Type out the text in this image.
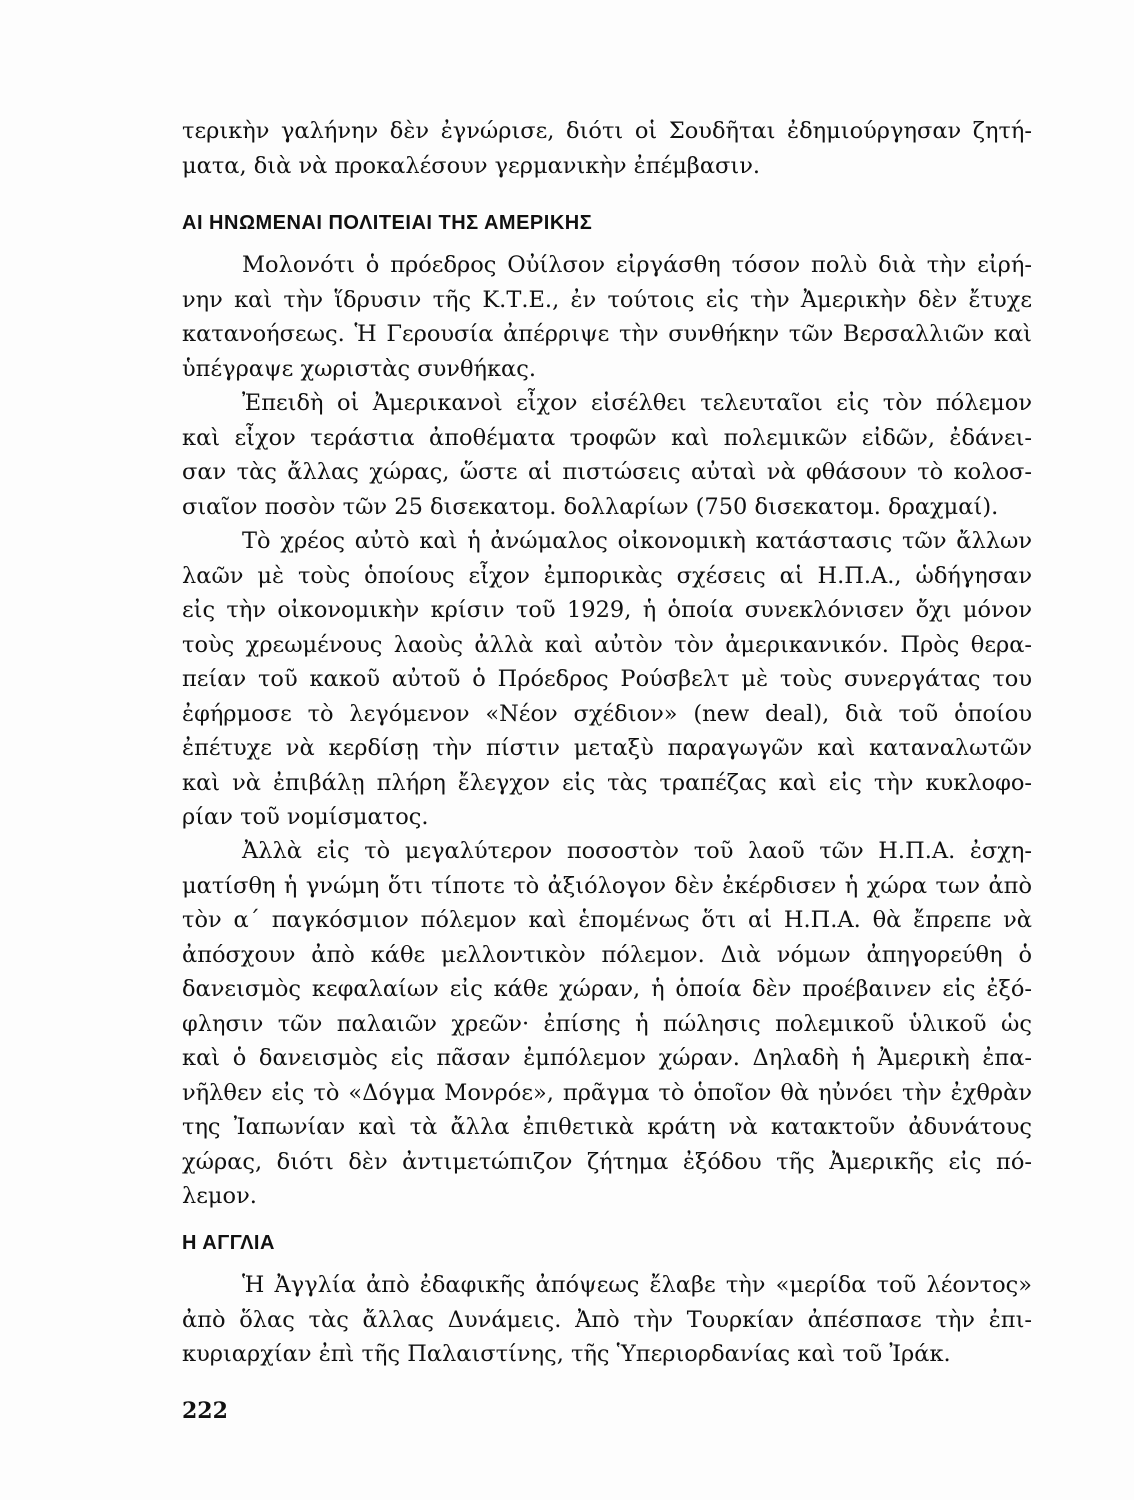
τερικὴν γαλήνην δὲν ἐγνώρισε, διότι οἱ Σουδῆται ἐδημιούργησαν ζητή-
ματα, διὰ νὰ προκαλέσουν γερμανικὴν ἐπέμβασιν.
ΑΙ ΗΝΩΜΕΝΑΙ ΠΟΛΙΤΕΙΑΙ ΤΗΣ ΑΜΕΡΙΚΗΣ
Μολονότι ὁ πρόεδρος Οὐίλσον εἰργάσθη τόσον πολὺ διὰ τὴν εἰρή-
νην καὶ τὴν ἵδρυσιν τῆς Κ.Τ.Ε., ἐν τούτοις εἰς τὴν Ἀμερικὴν δὲν ἔτυχε
κατανοήσεως. Ἡ Γερουσία ἀπέρριψε τὴν συνθήκην τῶν Βερσαλλιῶν καὶ
ὑπέγραψε χωριστὰς συνθήκας.
Ἐπειδὴ οἱ Ἀμερικανοὶ εἶχον εἰσέλθει τελευταῖοι εἰς τὸν πόλεμον
καὶ εἶχον τεράστια ἀποθέματα τροφῶν καὶ πολεμικῶν εἰδῶν, ἐδάνει-
σαν τὰς ἄλλας χώρας, ὥστε αἱ πιστώσεις αὐταὶ νὰ φθάσουν τὸ κολοσ-
σιαῖον ποσὸν τῶν 25 δισεκατομ. δολλαρίων (750 δισεκατομ. δραχμαί).
Τὸ χρέος αὐτὸ καὶ ἡ ἀνώμαλος οἰκονομικὴ κατάστασις τῶν ἄλλων
λαῶν μὲ τοὺς ὁποίους εἶχον ἐμπορικὰς σχέσεις αἱ Η.Π.Α., ὡδήγησαν
εἰς τὴν οἰκονομικὴν κρίσιν τοῦ 1929, ἡ ὁποία συνεκλόνισεν ὄχι μόνον
τοὺς χρεωμένους λαοὺς ἀλλὰ καὶ αὐτὸν τὸν ἀμερικανικόν. Πρὸς θερα-
πείαν τοῦ κακοῦ αὐτοῦ ὁ Πρόεδρος Ρούσβελτ μὲ τοὺς συνεργάτας του
ἐφήρμοσε τὸ λεγόμενον «Νέον σχέδιον» (new deal), διὰ τοῦ ὁποίου
ἐπέτυχε νὰ κερδίσῃ τὴν πίστιν μεταξὺ παραγωγῶν καὶ καταναλωτῶν
καὶ νὰ ἐπιβάλῃ πλήρη ἔλεγχον εἰς τὰς τραπέζας καὶ εἰς τὴν κυκλοφο-
ρίαν τοῦ νομίσματος.
Ἀλλὰ εἰς τὸ μεγαλύτερον ποσοστὸν τοῦ λαοῦ τῶν Η.Π.Α. ἐσχη-
ματίσθη ἡ γνώμη ὅτι τίποτε τὸ ἀξιόλογον δὲν ἐκέρδισεν ἡ χώρα των ἀπὸ
τὸν α΄ παγκόσμιον πόλεμον καὶ ἑπομένως ὅτι αἱ Η.Π.Α. θὰ ἔπρεπε νὰ
ἀπόσχουν ἀπὸ κάθε μελλοντικὸν πόλεμον. Διὰ νόμων ἀπηγορεύθη ὁ
δανεισμὸς κεφαλαίων εἰς κάθε χώραν, ἡ ὁποία δὲν προέβαινεν εἰς ἐξό-
φλησιν τῶν παλαιῶν χρεῶν· ἐπίσης ἡ πώλησις πολεμικοῦ ὑλικοῦ ὡς
καὶ ὁ δανεισμὸς εἰς πᾶσαν ἐμπόλεμον χώραν. Δηλαδὴ ἡ Ἀμερικὴ ἐπα-
νῆλθεν εἰς τὸ «Δόγμα Μονρόε», πρᾶγμα τὸ ὁποῖον θὰ ηὐνόει τὴν ἐχθρὰν
της Ἰαπωνίαν καὶ τὰ ἄλλα ἐπιθετικὰ κράτη νὰ κατακτοῦν ἀδυνάτους
χώρας, διότι δὲν ἀντιμετώπιζον ζήτημα ἐξόδου τῆς Ἀμερικῆς εἰς πό-
λεμον.
Η ΑΓΓΛΙΑ
Ἡ Ἀγγλία ἀπὸ ἐδαφικῆς ἀπόψεως ἔλαβε τὴν «μερίδα τοῦ λέοντος»
ἀπὸ ὅλας τὰς ἄλλας Δυνάμεις. Ἀπὸ τὴν Τουρκίαν ἀπέσπασε τὴν ἐπι-
κυριαρχίαν ἐπὶ τῆς Παλαιστίνης, τῆς Ὑπεριορδανίας καὶ τοῦ Ἰράκ.
222
